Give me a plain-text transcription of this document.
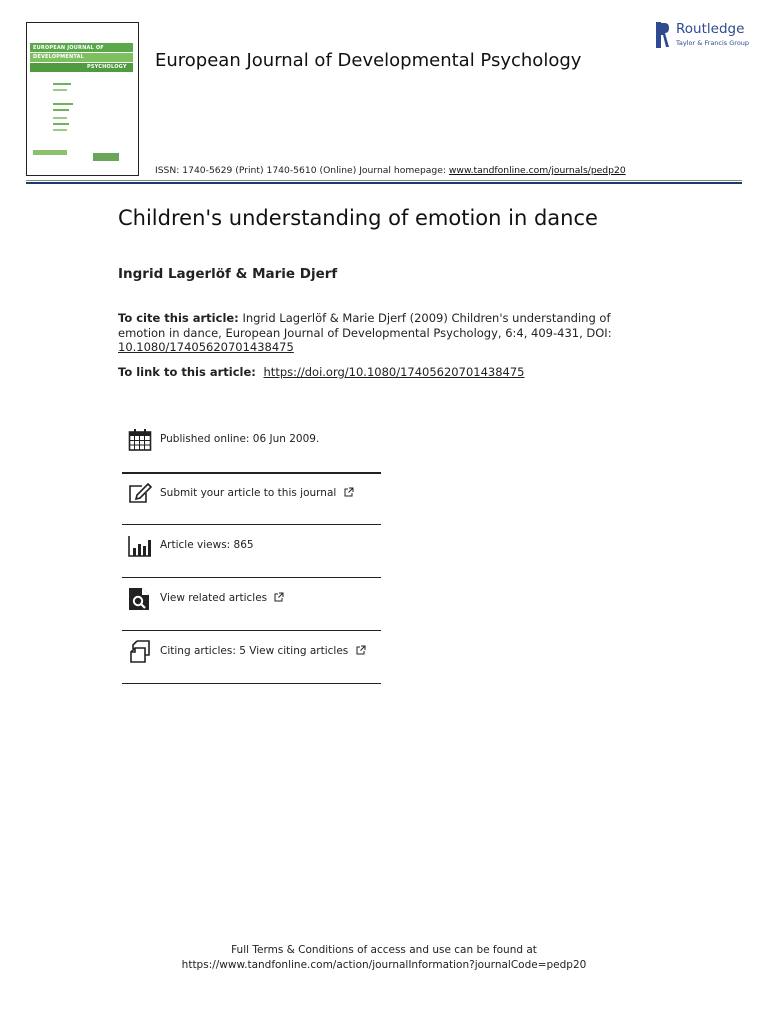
EUROPEAN JOURNAL OF
DEVELOPMENTAL
PSYCHOLOGY European Journal of Developmental Psychology
ISSN: 1740-5629 (Print) 1740-5610 (Online) Journal homepage: www.tandfonline.com/journals/pedp20
Routledge
Taylor & Francis Group
Children's understanding of emotion in dance
Ingrid Lagerlöf & Marie Djerf
To cite this article: Ingrid Lagerlöf & Marie Djerf (2009) Children's understanding of emotion in dance, European Journal of Developmental Psychology, 6:4, 409-431, DOI: 10.1080/17405620701438475
To link to this article: https://doi.org/10.1080/17405620701438475
Published online: 06 Jun 2009.
Submit your article to this journal
Article views: 865
View related articles
Citing articles: 5 View citing articles
Full Terms & Conditions of access and use can be found at
https://www.tandfonline.com/action/journalInformation?journalCode=pedp20
